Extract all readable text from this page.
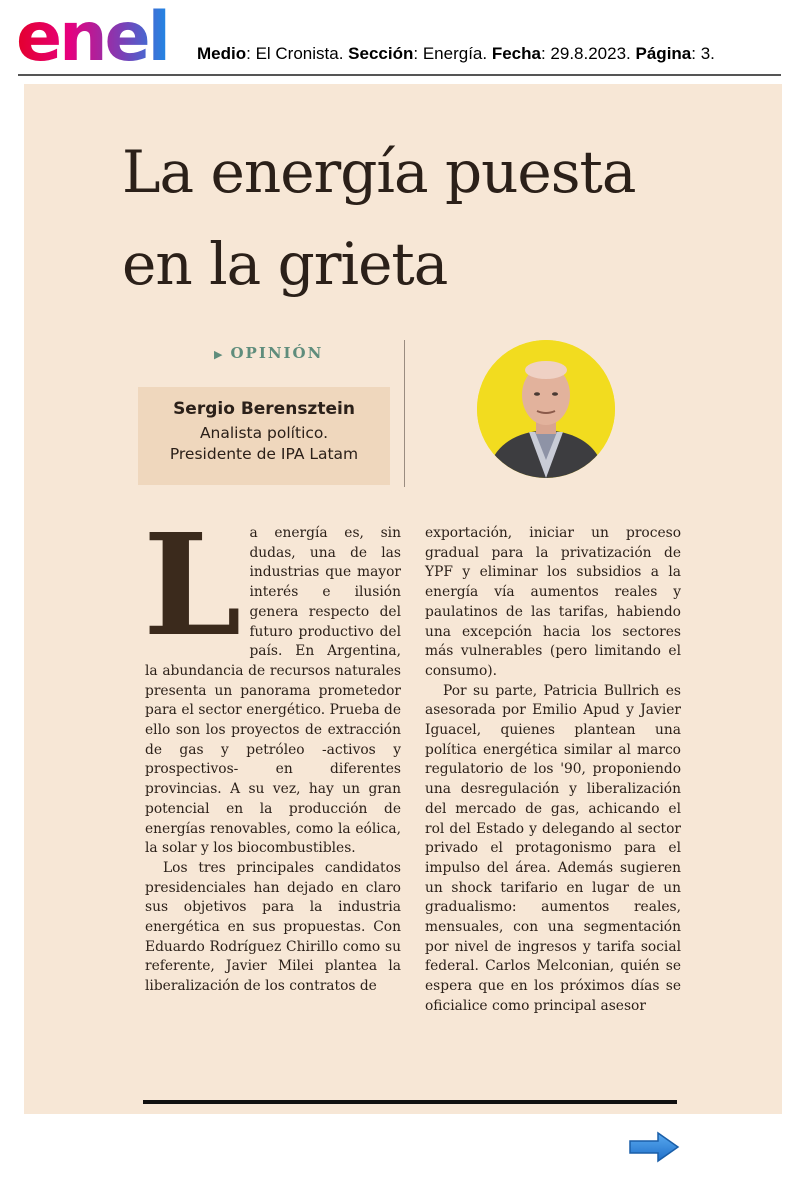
enel Medio: El Cronista. Sección: Energía. Fecha: 29.8.2023. Página: 3.
La energía puesta
en la grieta
▶ OPINIÓN
Sergio Berensztein
Analista político.
Presidente de IPA Latam

La energía es, sin dudas, una de las industrias que mayor interés e ilusión genera respecto del futuro productivo del país. En Argentina, la abundancia de recursos naturales presenta un panorama prometedor para el sector energético. Prueba de ello son los proyectos de extracción de gas y petróleo -activos y prospectivos- en diferentes provincias. A su vez, hay un gran potencial en la producción de energías renovables, como la eólica, la solar y los biocombustibles.

Los tres principales candidatos presidenciales han dejado en claro sus objetivos para la industria energética en sus propuestas. Con Eduardo Rodríguez Chirillo como su referente, Javier Milei plantea la liberalización de los contratos de

exportación, iniciar un proceso gradual para la privatización de YPF y eliminar los subsidios a la energía vía aumentos reales y paulatinos de las tarifas, habiendo una excepción hacia los sectores más vulnerables (pero limitando el consumo).

Por su parte, Patricia Bullrich es asesorada por Emilio Apud y Javier Iguacel, quienes plantean una política energética similar al marco regulatorio de los '90, proponiendo una desregulación y liberalización del mercado de gas, achicando el rol del Estado y delegando al sector privado el protagonismo para el impulso del área. Además sugieren un shock tarifario en lugar de un gradualismo: aumentos reales, mensuales, con una segmentación por nivel de ingresos y tarifa social federal. Carlos Melconian, quién se espera que en los próximos días se oficialice como principal asesor
